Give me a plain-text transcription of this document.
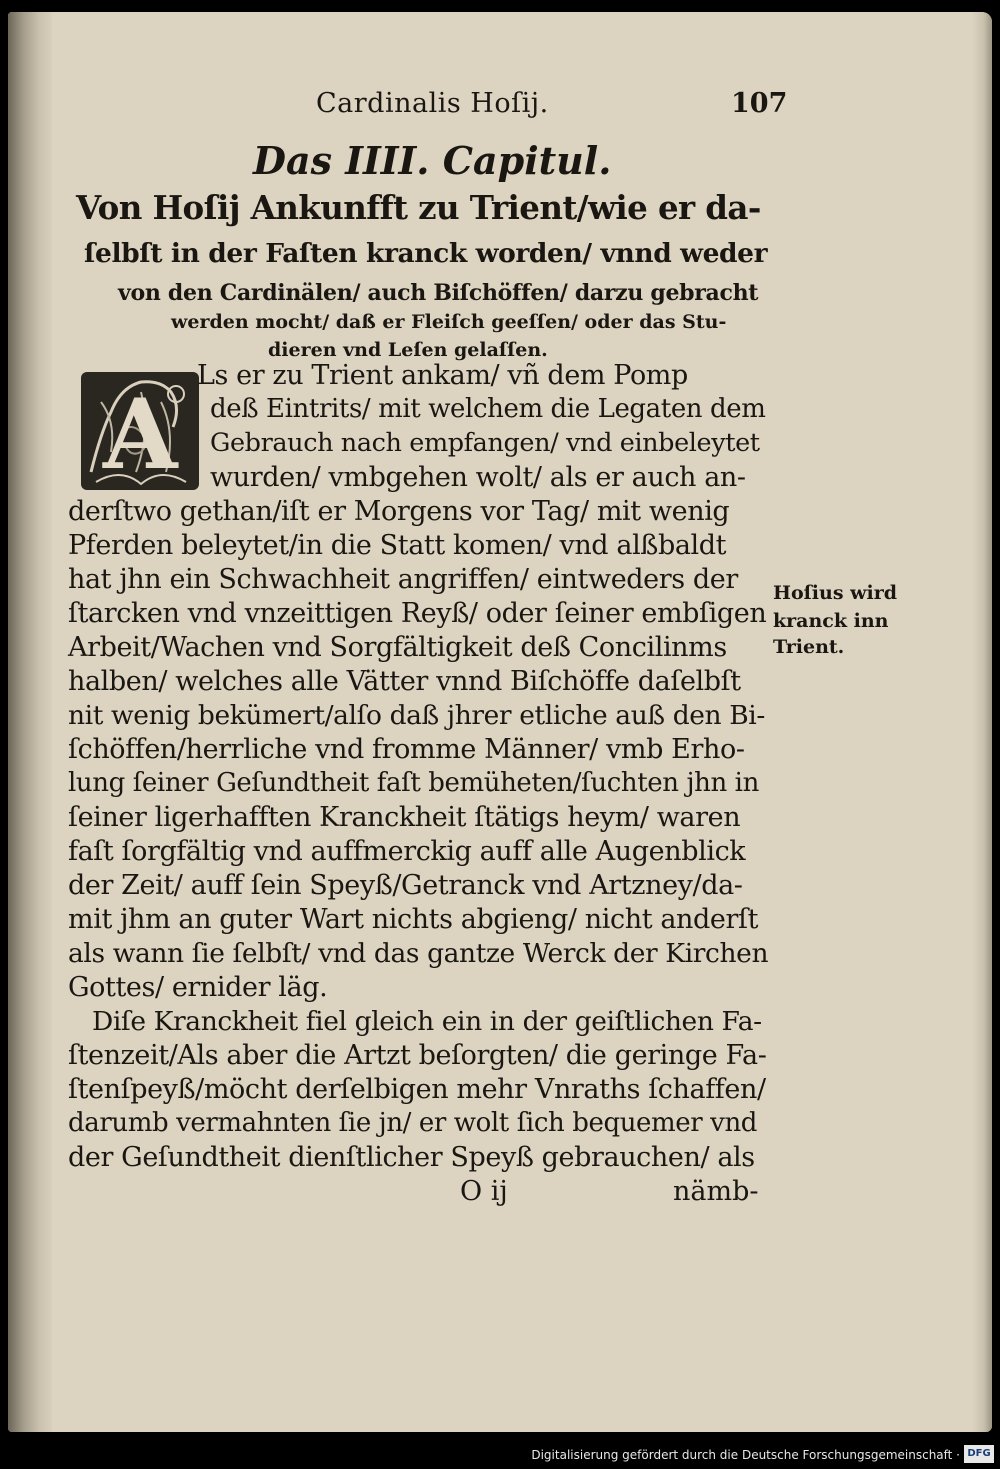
Cardinalis Hoſij.	107
Das IIII. Capitul.
Von Hoſij Ankunfft zu Trient/wie er da-
ſelbſt in der Faſten kranck worden/ vnnd weder
von den Cardinälen/ auch Biſchöffen/ darzu gebracht
werden mocht/ daß er Fleiſch geeſſen/ oder das Stu-
dieren vnd Leſen gelaſſen.
A
Hoſius wird
kranck inn
Trient.
O ij	nämb-
Ls er zu Trient ankam/ vñ dem Pomp
deß Eintrits/ mit welchem die Legaten dem
Gebrauch nach empfangen/ vnd einbeleytet
wurden/ vmbgehen wolt/ als er auch an-
derſtwo gethan/iſt er Morgens vor Tag/ mit wenig
Pferden beleytet/in die Statt komen/ vnd alßbaldt
hat jhn ein Schwachheit angriffen/ eintweders der
ſtarcken vnd vnzeittigen Reyß/ oder ſeiner embſigen
Arbeit/Wachen vnd Sorgfältigkeit deß Concilinms
halben/ welches alle Vätter vnnd Biſchöffe daſelbſt
nit wenig bekümert/alſo daß jhrer etliche auß den Bi-
ſchöffen/herrliche vnd fromme Männer/ vmb Erho-
lung ſeiner Geſundtheit faſt bemüheten/ſuchten jhn in
ſeiner ligerhafften Kranckheit ſtätigs heym/ waren
faſt ſorgfältig vnd auffmerckig auff alle Augenblick
der Zeit/ auff ſein Speyß/Getranck vnd Artzney/da-
mit jhm an guter Wart nichts abgieng/ nicht anderſt
als wann ſie ſelbſt/ vnd das gantze Werck der Kirchen
Gottes/ ernider läg.
Diſe Kranckheit fiel gleich ein in der geiſtlichen Fa-
ſtenzeit/Als aber die Artzt beſorgten/ die geringe Fa-
ſtenſpeyß/möcht derſelbigen mehr Vnraths ſchaffen/
darumb vermahnten ſie jn/ er wolt ſich bequemer vnd
der Geſundtheit dienſtlicher Speyß gebrauchen/ als
Digitalisierung gefördert durch die Deutsche Forschungsgemeinschaft · DFG
